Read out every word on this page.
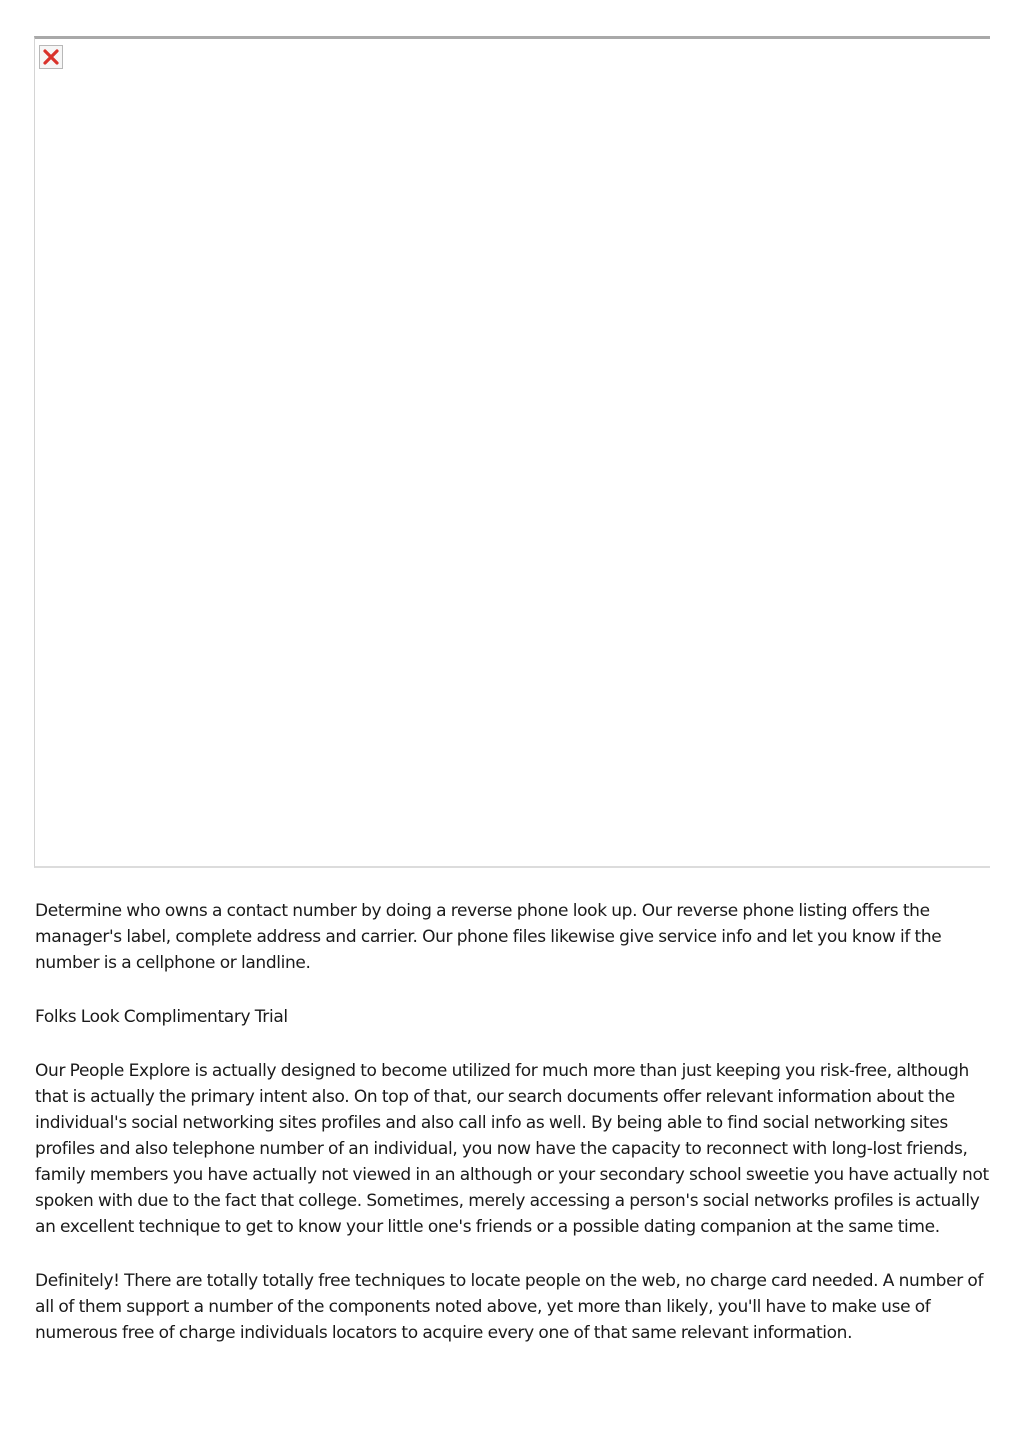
Determine who owns a contact number by doing a reverse phone look up. Our reverse phone listing offers the manager's label, complete address and carrier. Our phone files likewise give service info and let you know if the number is a cellphone or landline.

Folks Look Complimentary Trial

Our People Explore is actually designed to become utilized for much more than just keeping you risk-free, although that is actually the primary intent also. On top of that, our search documents offer relevant information about the individual's social networking sites profiles and also call info as well. By being able to find social networking sites profiles and also telephone number of an individual, you now have the capacity to reconnect with long-lost friends, family members you have actually not viewed in an although or your secondary school sweetie you have actually not spoken with due to the fact that college. Sometimes, merely accessing a person's social networks profiles is actually an excellent technique to get to know your little one's friends or a possible dating companion at the same time.

Definitely! There are totally totally free techniques to locate people on the web, no charge card needed. A number of all of them support a number of the components noted above, yet more than likely, you'll have to make use of numerous free of charge individuals locators to acquire every one of that same relevant information.
